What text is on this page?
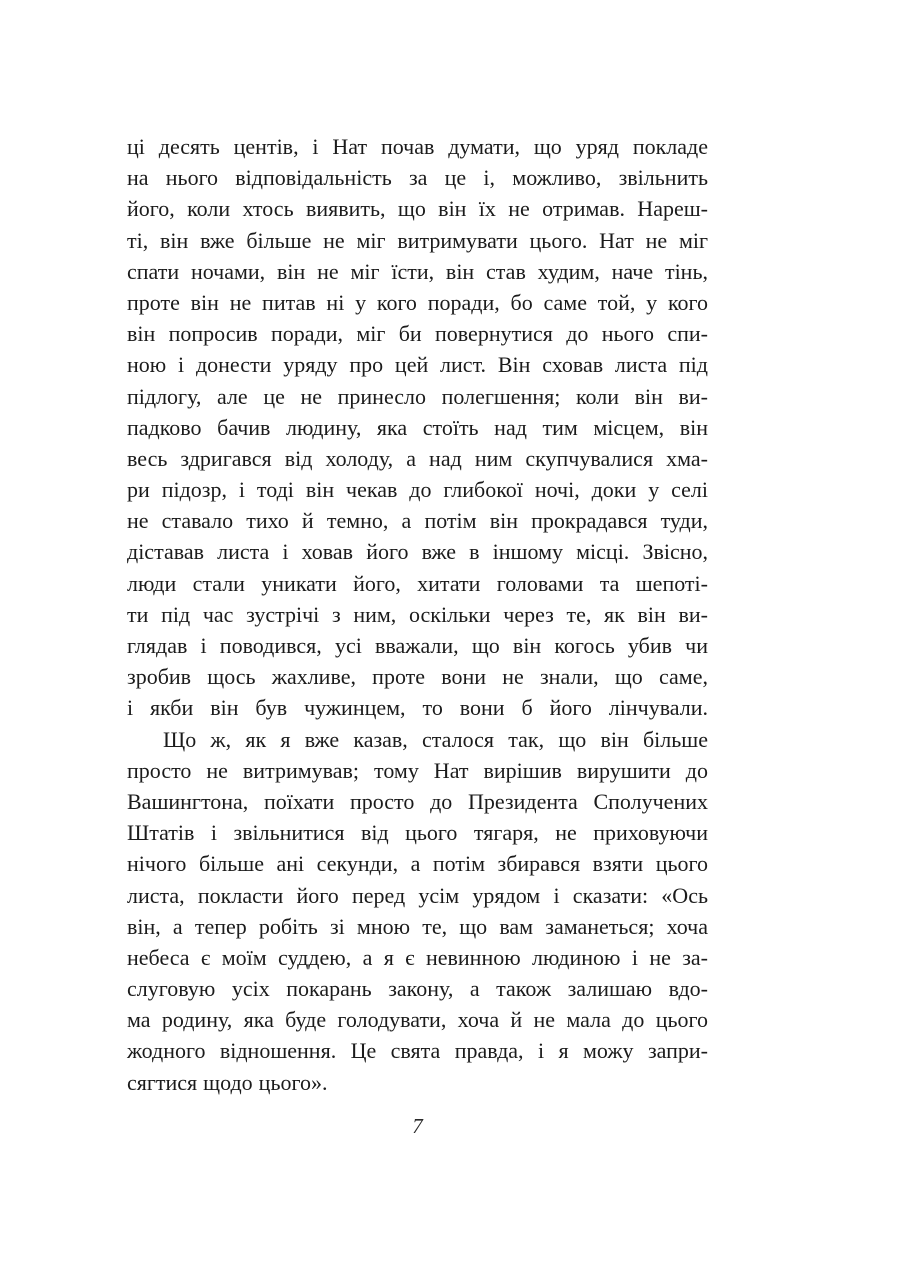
ці десять центів, і Нат почав думати, що уряд покладе
на нього відповідальність за це і, можливо, звільнить
його, коли хтось виявить, що він їх не отримав. Нареш-
ті, він вже більше не міг витримувати цього. Нат не міг
спати ночами, він не міг їсти, він став худим, наче тінь,
проте він не питав ні у кого поради, бо саме той, у кого
він попросив поради, міг би повернутися до нього спи-
ною і донести уряду про цей лист. Він сховав листа під
підлогу, але це не принесло полегшення; коли він ви-
падково бачив людину, яка стоїть над тим місцем, він
весь здригався від холоду, а над ним скупчувалися хма-
ри підозр, і тоді він чекав до глибокої ночі, доки у селі
не ставало тихо й темно, а потім він прокрадався туди,
діставав листа і ховав його вже в іншому місці. Звісно,
люди стали уникати його, хитати головами та шепоті-
ти під час зустрічі з ним, оскільки через те, як він ви-
глядав і поводився, усі вважали, що він когось убив чи
зробив щось жахливе, проте вони не знали, що саме,
і якби він був чужинцем, то вони б його лінчували.
Що ж, як я вже казав, сталося так, що він більше
просто не витримував; тому Нат вирішив вирушити до
Вашингтона, поїхати просто до Президента Сполучених
Штатів і звільнитися від цього тягаря, не приховуючи
нічого більше ані секунди, а потім збирався взяти цього
листа, покласти його перед усім урядом і сказати: «Ось
він, а тепер робіть зі мною те, що вам заманеться; хоча
небеса є моїм суддею, а я є невинною людиною і не за-
слуговую усіх покарань закону, а також залишаю вдо-
ма родину, яка буде голодувати, хоча й не мала до цього
жодного відношення. Це свята правда, і я можу запри-
сягтися щодо цього».
7
